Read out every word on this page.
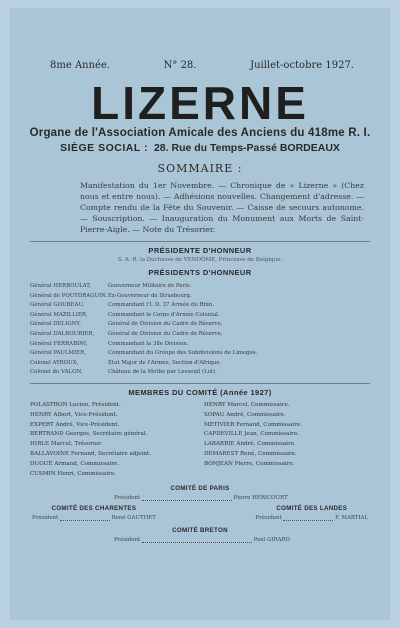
8me Année.	N° 28.	Juillet-octobre 1927.
LIZERNE
Organe de l'Association Amicale des Anciens du 418me R. I.
SIÈGE SOCIAL : 28. Rue du Temps-Passé BORDEAUX
SOMMAIRE :
Manifestation du 1er Novembre. — Chronique de « Lizerne » (Chez nous et entre nous). — Adhésions nouvelles. Changement d'adresse. — Compte rendu de la Fête du Souvenir. — Caisse de secours autonome. — Souscription. — Inauguration du Monument aux Morts de Saint-Pierre-Aigle. — Note du Trésorier.
PRÉSIDENTE D'HONNEUR
S. A. R. la Duchesse de VENDÔME, Princesse de Belgique.
PRÉSIDENTS D'HONNEUR
Général HERBOULAT,	Gouverneur Militaire de Paris.
Général de POUYDRAGUIN. Ex-Gouverneur de Strasbourg.
Général GOUBEAU,	Commandant l'I. D. 37 Armée du Rhin.
Général MAZILLIER,	Commandant le Corps d'Armée Colonial.
Général DELIGNY,	Général de Division du Cadre de Réserve.
Général DALBOURIER,	Général de Division du Cadre de Réserve.
Général FERRABINI,	Commandant la 38e Division.
Général PAULMIER,	Commandant du Groupe des Subdivisions de Limoges.
Colonel AYROUX,	État Major de l'Armée, Section d'Afrique.
Colonel du VALON,	Château de la Mothe par Lesseuil (Lot).
MEMBRES DU COMITÉ (Année 1927)
POLASTRON Lucien, Président.
HENRY Albert, Vice-Président.
EXPERT André, Vice-Président.
BERTRAND Georges, Secrétaire général.
HIRLE Marcel, Trésorier.
BALLAVOINE Fernand, Secrétaire adjoint.
DUGUÉ Armand, Commissaire.
CUSMIN Henri, Commissaire.
HENRY Marcel, Commissaire.
SOPAU André, Commissaire.
MÉTIVIER Fernand, Commissaire.
CAPDEVILLE Jean, Commissaire.
LABARRIE André, Commissaire.
DEMAREST René, Commissaire.
BONJEAN Pierre, Commissaire.
COMITÉ DE PARIS
Président	Pierre HÉRICOURT
COMITÉ DES CHARENTES
Président	René GAUTHET
COMITÉ DES LANDES
Président	F. MARTIAL
COMITÉ BRETON
Président	Paul GIRARD
